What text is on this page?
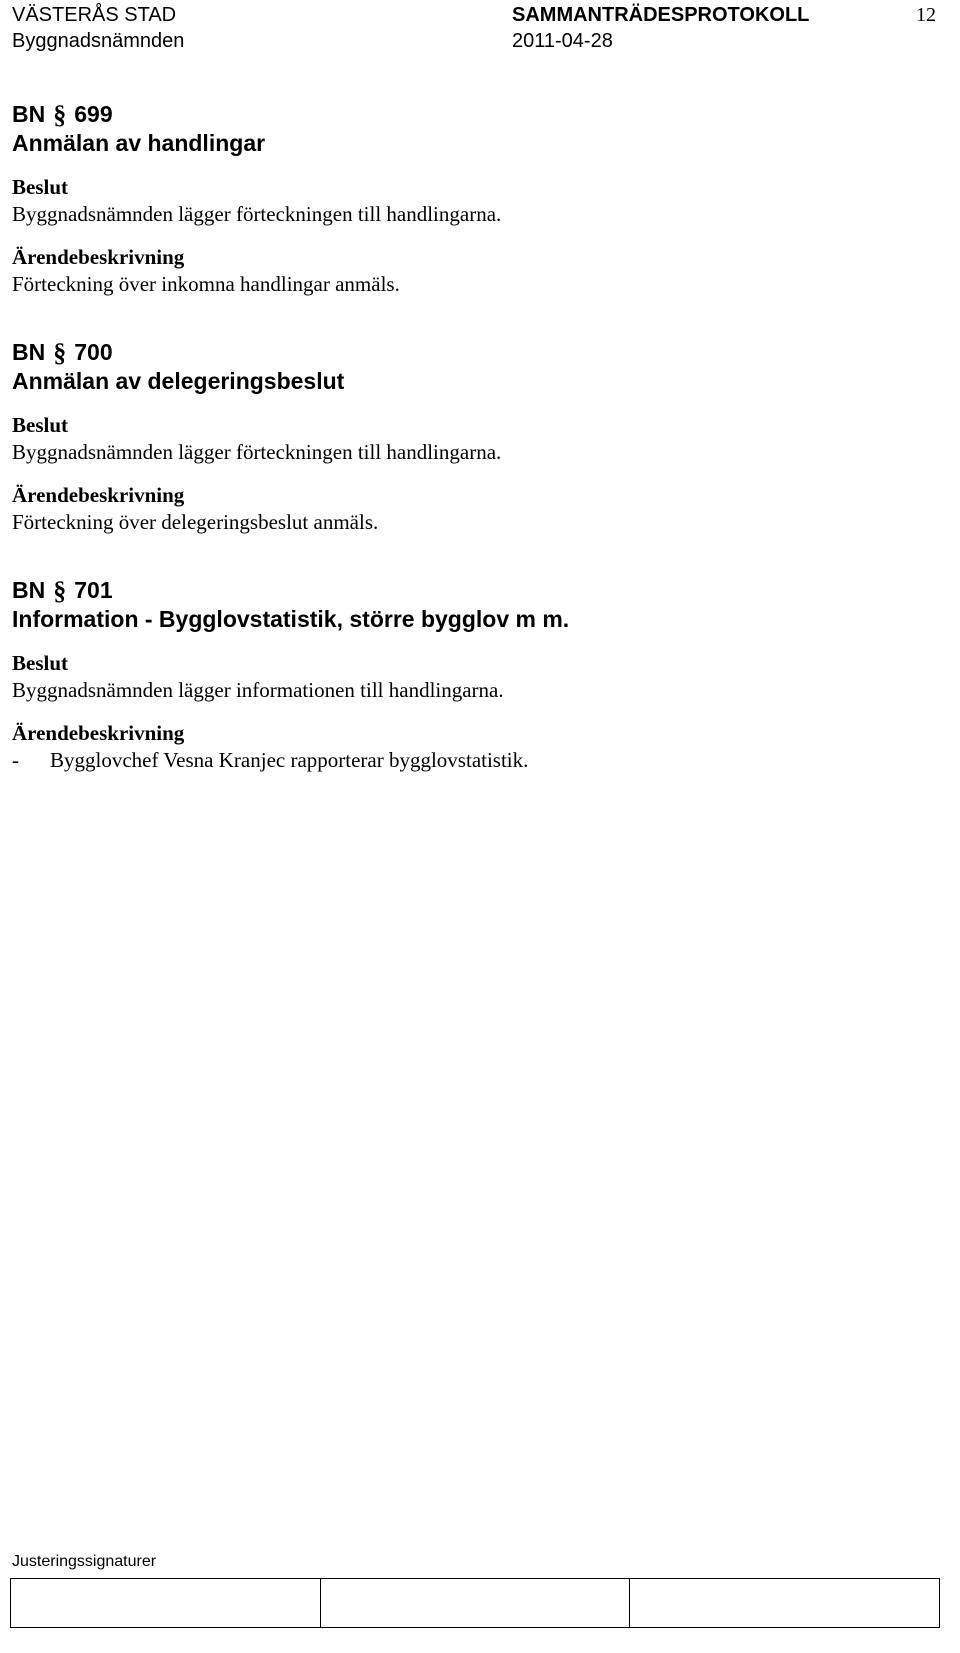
VÄSTERÅS STAD	SAMMANTRÄDESPROTOKOLL	12
Byggnadsnämnden	2011-04-28
BN § 699
Anmälan av handlingar
Beslut
Byggnadsnämnden lägger förteckningen till handlingarna.
Ärendebeskrivning
Förteckning över inkomna handlingar anmäls.
BN § 700
Anmälan av delegeringsbeslut
Beslut
Byggnadsnämnden lägger förteckningen till handlingarna.
Ärendebeskrivning
Förteckning över delegeringsbeslut anmäls.
BN § 701
Information - Bygglovstatistik, större bygglov m m.
Beslut
Byggnadsnämnden lägger informationen till handlingarna.
Ärendebeskrivning
- Bygglovchef Vesna Kranjec rapporterar bygglovstatistik.
Justeringssignaturer
